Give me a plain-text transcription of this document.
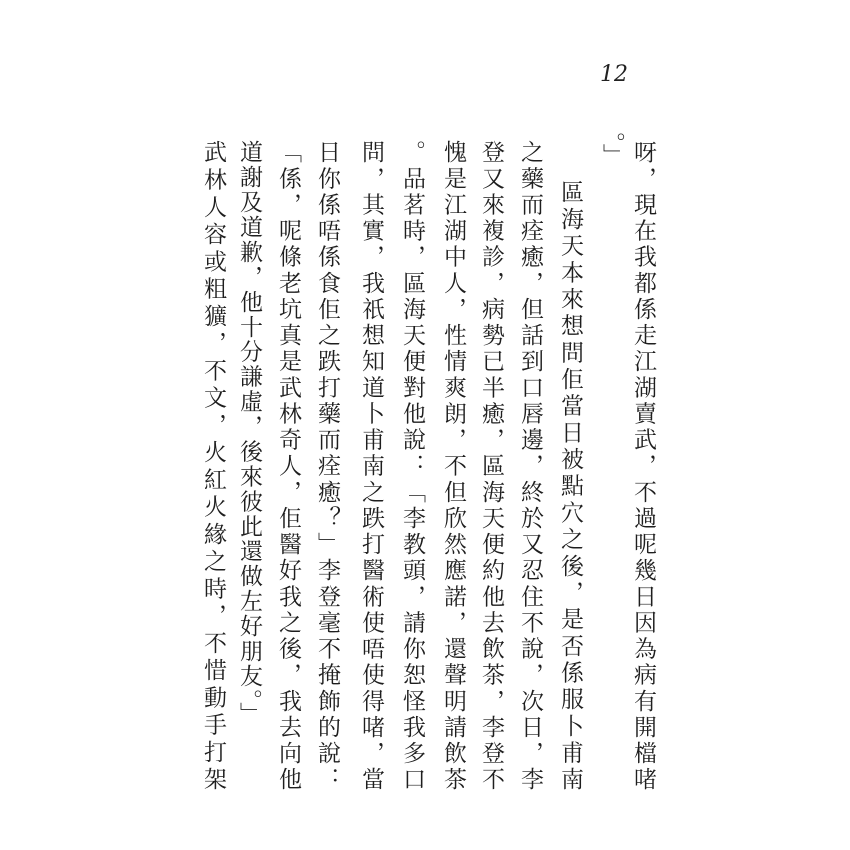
12
呀，現在我都係走江湖賣武，不過呢幾日因為病有開檔啫
。」
區海天本來想問佢當日被點穴之後，是否係服卜甫南
之藥而痊癒，但話到口唇邊，終於又忍住不說，次日，李
登又來複診，病勢已半癒，區海天便約他去飲茶，李登不
愧是江湖中人，性情爽朗，不但欣然應諾，還聲明請飲茶
。品茗時，區海天便對他說：「李教頭，請你恕怪我多口
問，其實，我祇想知道卜甫南之跌打醫術使唔使得啫，當
日你係唔係食佢之跌打藥而痊癒？」李登毫不掩飾的說：
「係，呢條老坑真是武林奇人，佢醫好我之後，我去向他
道謝及道歉，他十分謙虛，後來彼此還做左好朋友。」
武林人容或粗獷，不文，火紅火緣之時，不惜動手打架
